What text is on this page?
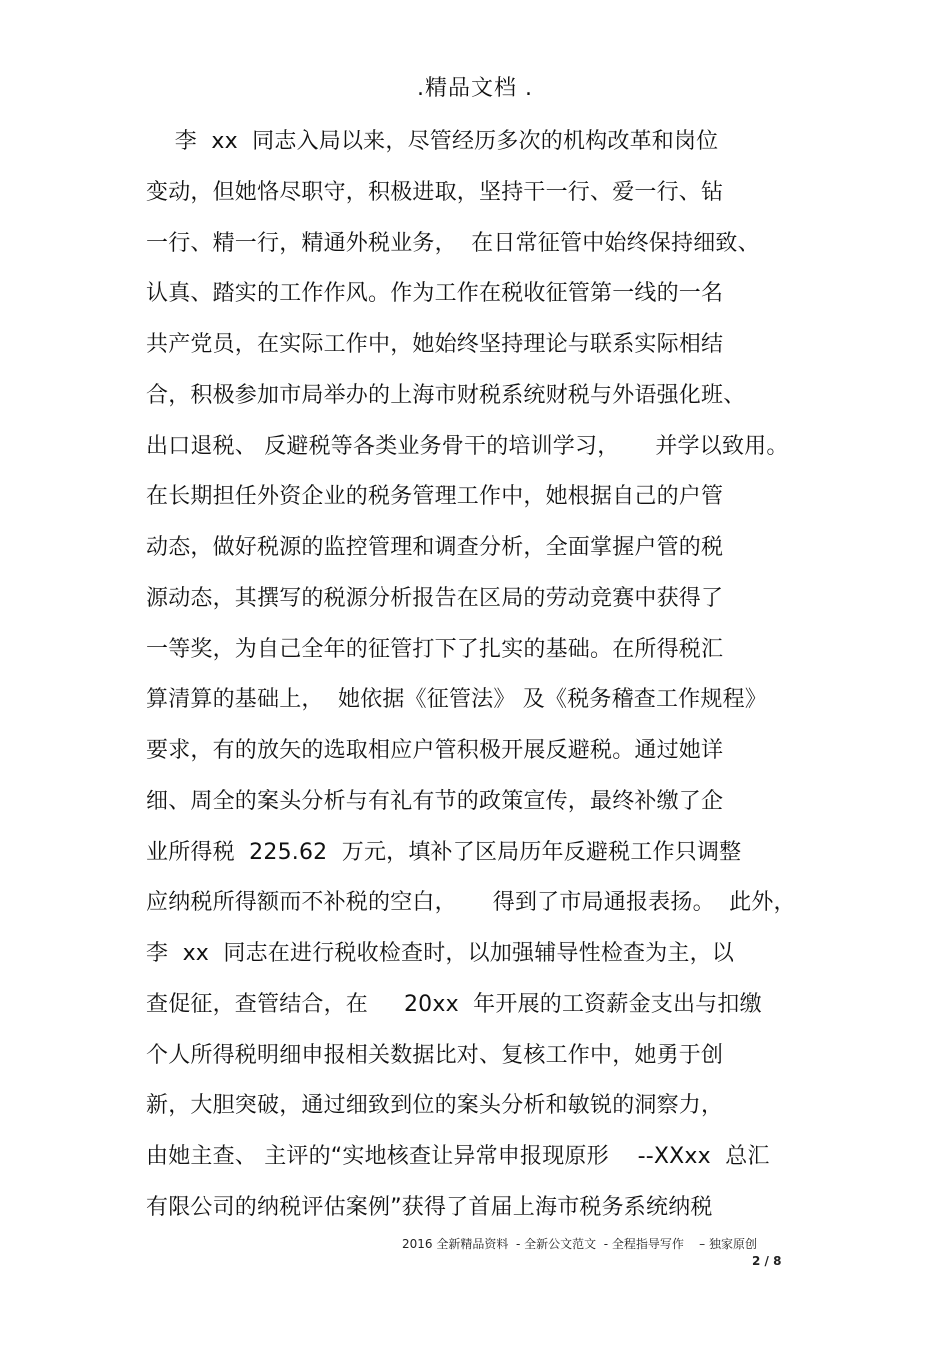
.精品文档 .
李  xx  同志入局以来，尽管经历多次的机构改革和岗位
变动，但她恪尽职守，积极进取，坚持干一行、爱一行、钻
一行、精一行，精通外税业务，  在日常征管中始终保持细致、
认真、踏实的工作作风。作为工作在税收征管第一线的一名
共产党员，在实际工作中，她始终坚持理论与联系实际相结
合，积极参加市局举办的上海市财税系统财税与外语强化班、
出口退税、 反避税等各类业务骨干的培训学习，     并学以致用。
在长期担任外资企业的税务管理工作中，她根据自己的户管
动态，做好税源的监控管理和调查分析，全面掌握户管的税
源动态，其撰写的税源分析报告在区局的劳动竞赛中获得了
一等奖，为自己全年的征管打下了扎实的基础。在所得税汇
算清算的基础上，  她依据《征管法》 及《税务稽查工作规程》
要求，有的放矢的选取相应户管积极开展反避税。通过她详
细、周全的案头分析与有礼有节的政策宣传，最终补缴了企
业所得税  225.62  万元，填补了区局历年反避税工作只调整
应纳税所得额而不补税的空白，     得到了市局通报表扬。  此外，
李  xx  同志在进行税收检查时，以加强辅导性检查为主，以
查促征，查管结合，在     20xx  年开展的工资薪金支出与扣缴
个人所得税明细申报相关数据比对、复核工作中，她勇于创
新，大胆突破，通过细致到位的案头分析和敏锐的洞察力，
由她主查、 主评的“实地核查让异常申报现原形    --XXxx  总汇
有限公司的纳税评估案例”获得了首届上海市税务系统纳税
2016 全新精品资料  - 全新公文范文  - 全程指导写作    – 独家原创
2 / 8
